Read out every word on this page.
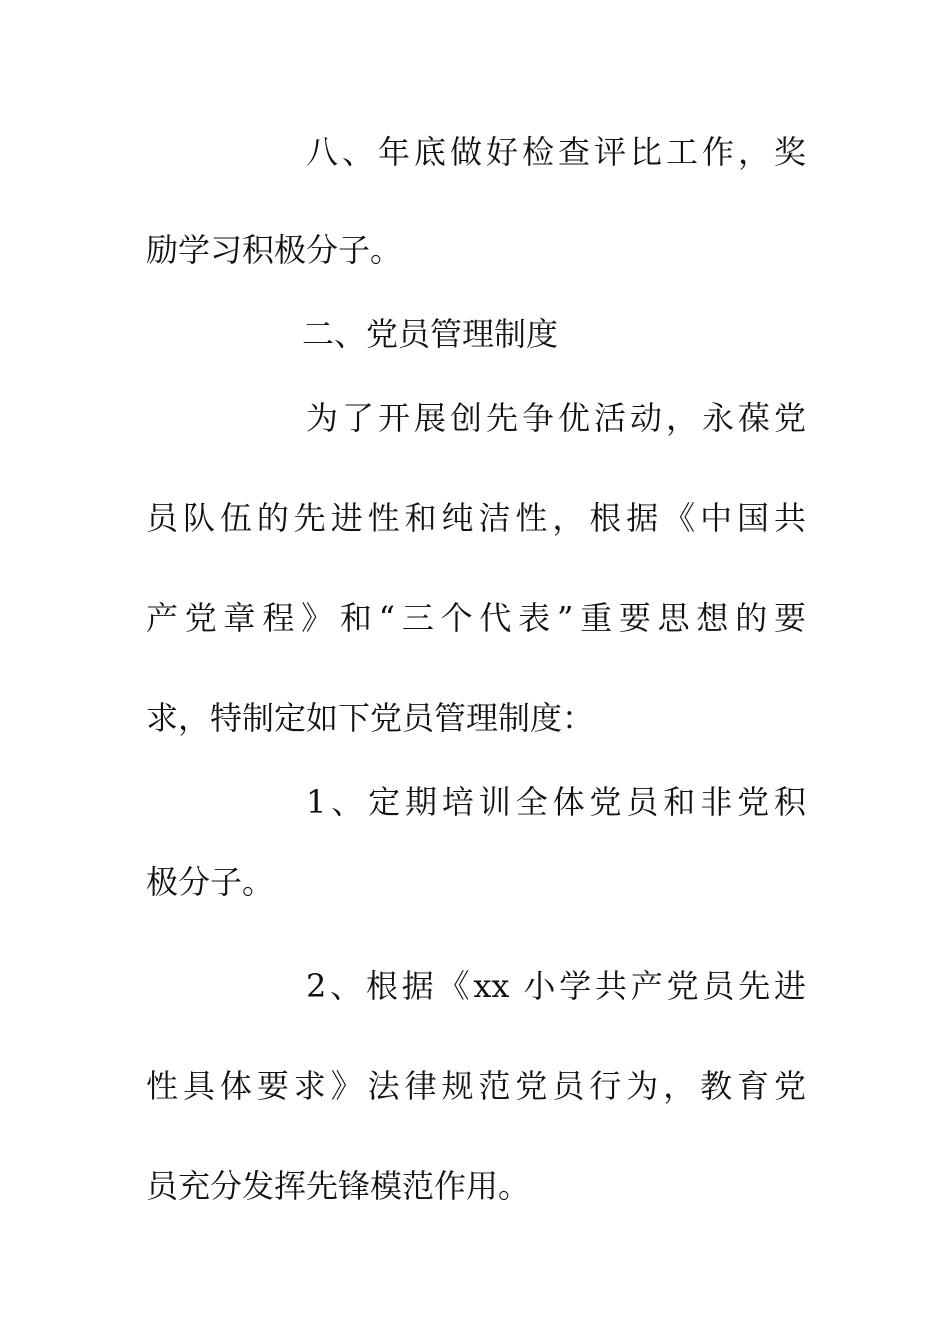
八、年底做好检查评比工作，奖
励学习积极分子。
二、党员管理制度
为了开展创先争优活动，永葆党
员队伍的先进性和纯洁性，根据《中国共
产党章程》和“三个代表”重要思想的要
求，特制定如下党员管理制度：
1、定期培训全体党员和非党积
极分子。
2、根据《xx 小学共产党员先进
性具体要求》法律规范党员行为，教育党
员充分发挥先锋模范作用。
